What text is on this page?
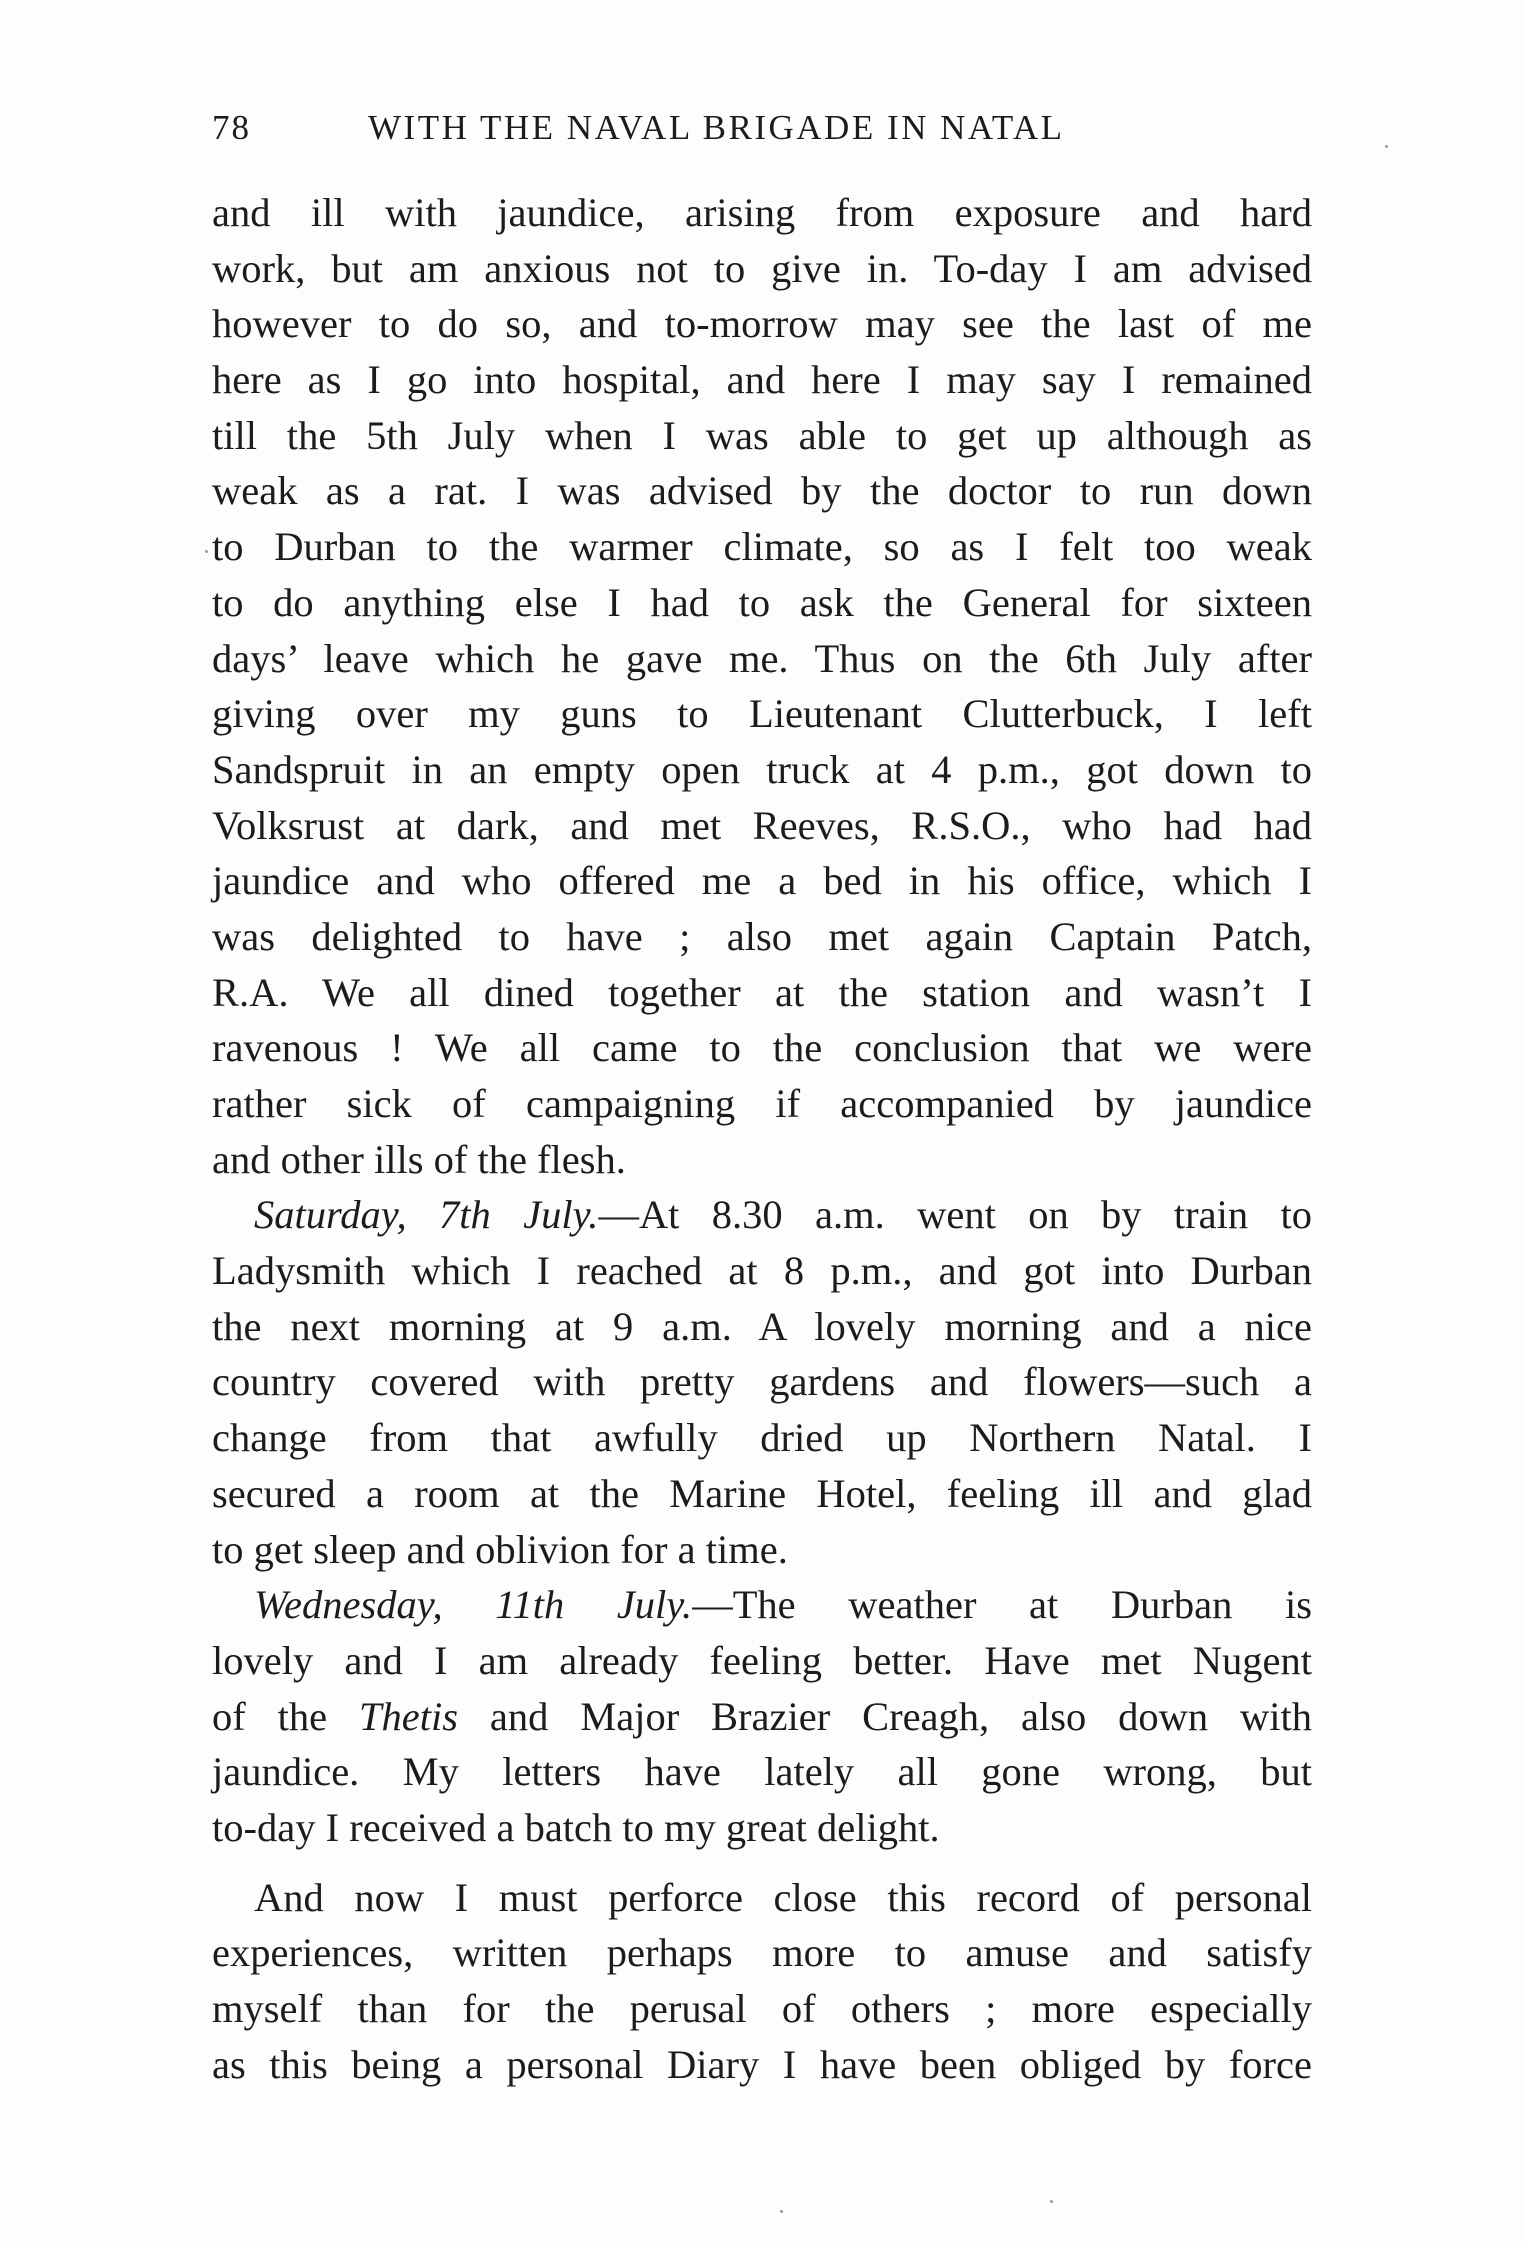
78	WITH THE NAVAL BRIGADE IN NATAL
and ill with jaundice, arising from exposure and hard
work, but am anxious not to give in. To-day I am advised
however to do so, and to-morrow may see the last of me
here as I go into hospital, and here I may say I remained
till the 5th July when I was able to get up although as
weak as a rat. I was advised by the doctor to run down
to Durban to the warmer climate, so as I felt too weak
to do anything else I had to ask the General for sixteen
days’ leave which he gave me. Thus on the 6th July after
giving over my guns to Lieutenant Clutterbuck, I left
Sandspruit in an empty open truck at 4 p.m., got down to
Volksrust at dark, and met Reeves, R.S.O., who had had
jaundice and who offered me a bed in his office, which I
was delighted to have ; also met again Captain Patch,
R.A. We all dined together at the station and wasn’t I
ravenous ! We all came to the conclusion that we were
rather sick of campaigning if accompanied by jaundice
and other ills of the flesh.
Saturday, 7th July.—At 8.30 a.m. went on by train to
Ladysmith which I reached at 8 p.m., and got into Durban
the next morning at 9 a.m. A lovely morning and a nice
country covered with pretty gardens and flowers—such a
change from that awfully dried up Northern Natal. I
secured a room at the Marine Hotel, feeling ill and glad
to get sleep and oblivion for a time.
Wednesday, 11th July.—The weather at Durban is
lovely and I am already feeling better. Have met Nugent
of the Thetis and Major Brazier Creagh, also down with
jaundice. My letters have lately all gone wrong, but
to-day I received a batch to my great delight.
And now I must perforce close this record of personal
experiences, written perhaps more to amuse and satisfy
myself than for the perusal of others ; more especially
as this being a personal Diary I have been obliged by force
